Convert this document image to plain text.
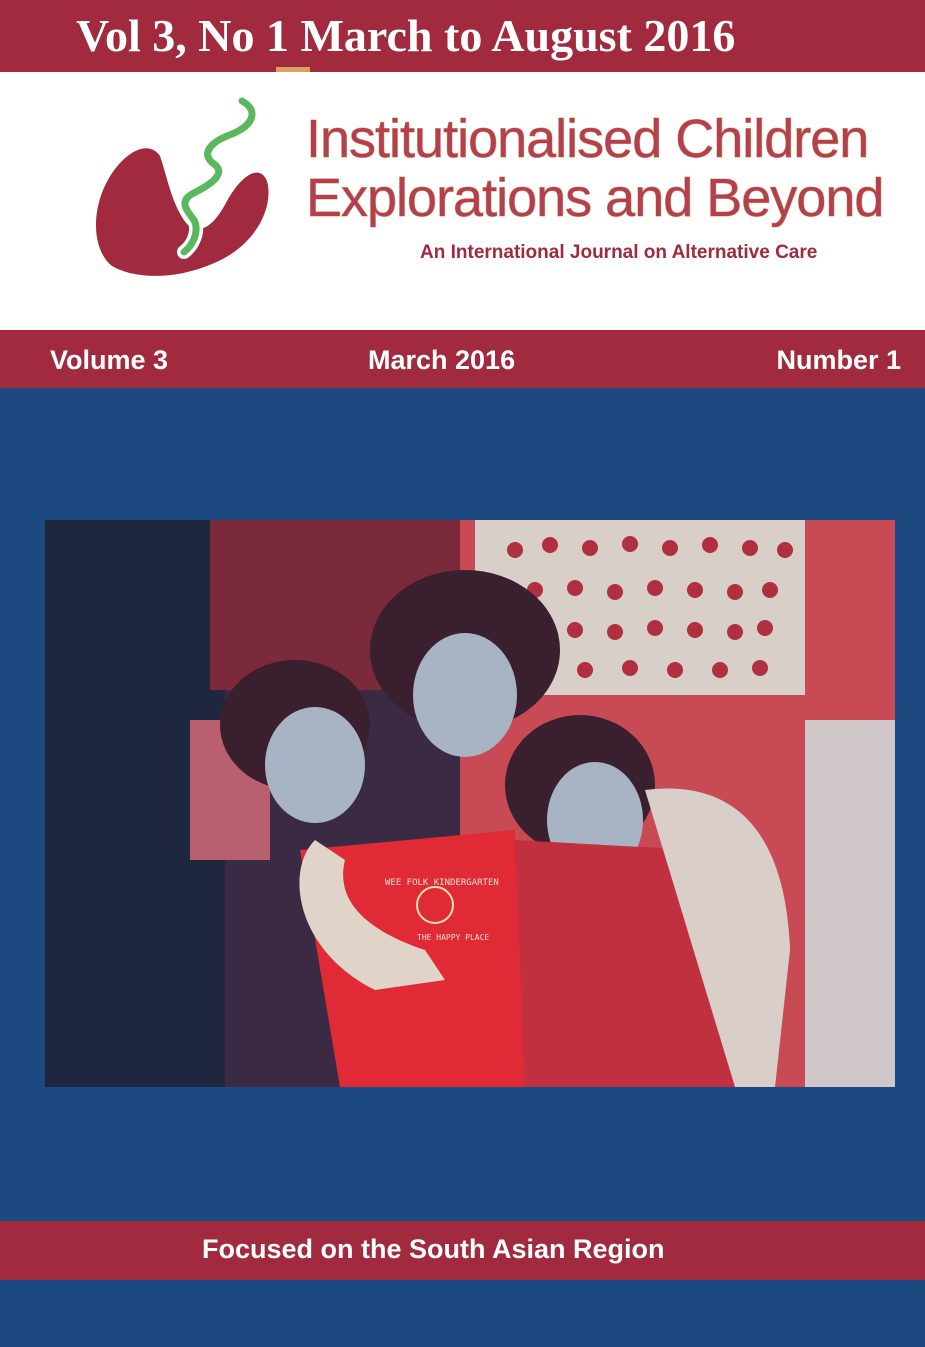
Vol 3, No 1 March to August 2016
Institutionalised Children
Explorations and Beyond
An International Journal on Alternative Care
Volume 3	March 2016	Number 1
WEE FOLK KINDERGARTEN
THE HAPPY PLACE
Focused on the South Asian Region
